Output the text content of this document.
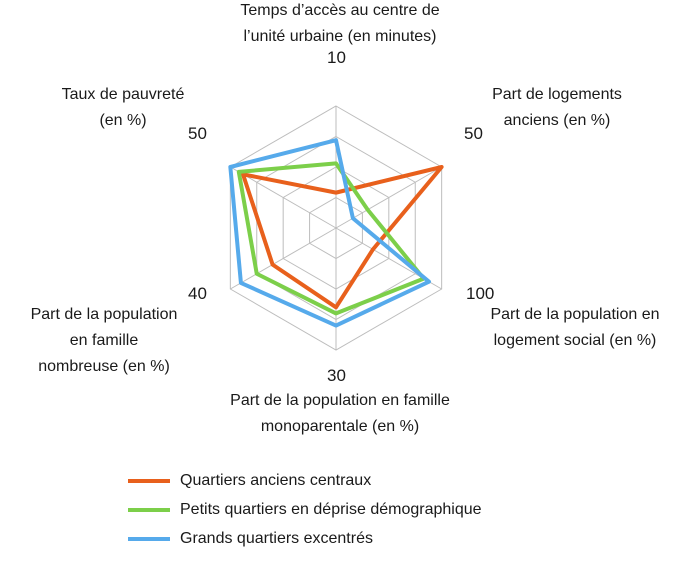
Temps d’accès au centre de
l’unité urbaine (en minutes)
Part de logements
anciens (en %)
Part de la population en
logement social (en %)
Part de la population en famille
monoparentale (en %)
Part de la population
en famille
nombreuse (en %)
Taux de pauvreté
(en %)
10
50
100
30
40
50
Quartiers anciens centraux
Petits quartiers en déprise démographique
Grands quartiers excentrés
